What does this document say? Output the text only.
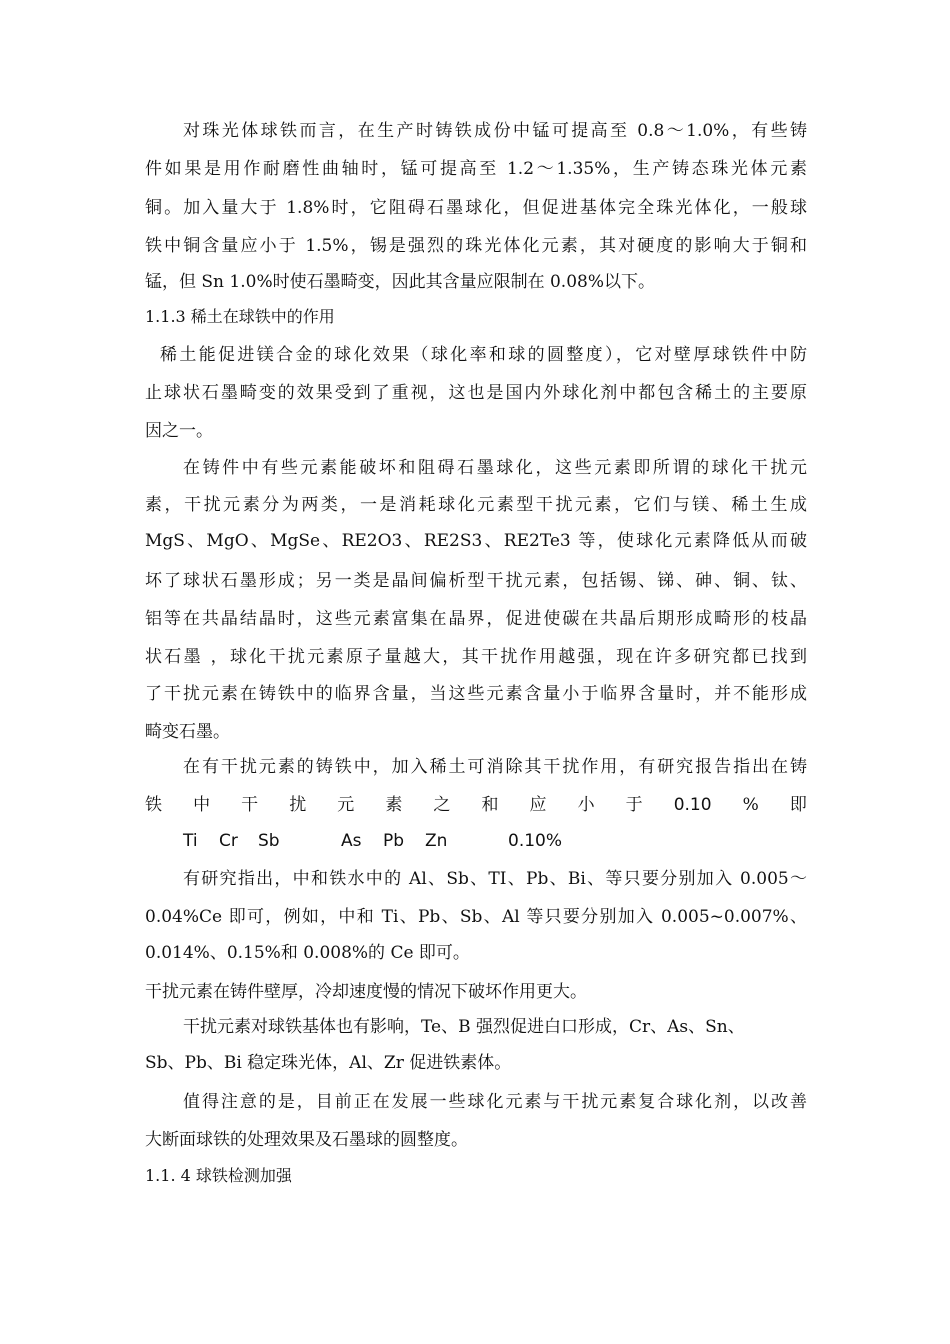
对珠光体球铁而言，在生产时铸铁成份中锰可提高至 0.8～1.0%，有些铸
件如果是用作耐磨性曲轴时，锰可提高至 1.2～1.35%，生产铸态珠光体元素
铜。加入量大于 1.8%时，它阻碍石墨球化，但促进基体完全珠光体化，一般球
铁中铜含量应小于 1.5%，锡是强烈的珠光体化元素，其对硬度的影响大于铜和
锰，但 Sn 1.0%时使石墨畸变，因此其含量应限制在 0.08%以下。
1.1.3 稀土在球铁中的作用
稀土能促进镁合金的球化效果（球化率和球的圆整度），它对壁厚球铁件中防
止球状石墨畸变的效果受到了重视，这也是国内外球化剂中都包含稀土的主要原
因之一。
在铸件中有些元素能破坏和阻碍石墨球化，这些元素即所谓的球化干扰元
素，干扰元素分为两类，一是消耗球化元素型干扰元素，它们与镁、稀土生成
MgS、MgO、MgSe、RE2O3、RE2S3、RE2Te3 等，使球化元素降低从而破
坏了球状石墨形成；另一类是晶间偏析型干扰元素，包括锡、锑、砷、铜、钛、
铝等在共晶结晶时，这些元素富集在晶界，促进使碳在共晶后期形成畸形的枝晶
状石墨 ，球化干扰元素原子量越大，其干扰作用越强，现在许多研究都已找到
了干扰元素在铸铁中的临界含量，当这些元素含量小于临界含量时，并不能形成
畸变石墨。
在有干扰元素的铸铁中，加入稀土可消除其干扰作用，有研究报告指出在铸
铁 中 干 扰 元 素 之 和 应 小 于 0.10 % 即
Ti Cr Sb	As Pb Zn	0.10%
有研究指出，中和铁水中的 Al、Sb、TI、Pb、Bi、等只要分别加入 0.005～
0.04%Ce 即可，例如，中和 Ti、Pb、Sb、Al 等只要分别加入 0.005~0.007%、
0.014%、0.15%和 0.008%的 Ce 即可。
干扰元素在铸件壁厚，冷却速度慢的情况下破坏作用更大。
干扰元素对球铁基体也有影响，Te、B 强烈促进白口形成，Cr、As、Sn、
Sb、Pb、Bi 稳定珠光体，Al、Zr 促进铁素体。
值得注意的是，目前正在发展一些球化元素与干扰元素复合球化剂，以改善
大断面球铁的处理效果及石墨球的圆整度。
1.1. 4 球铁检测加强
